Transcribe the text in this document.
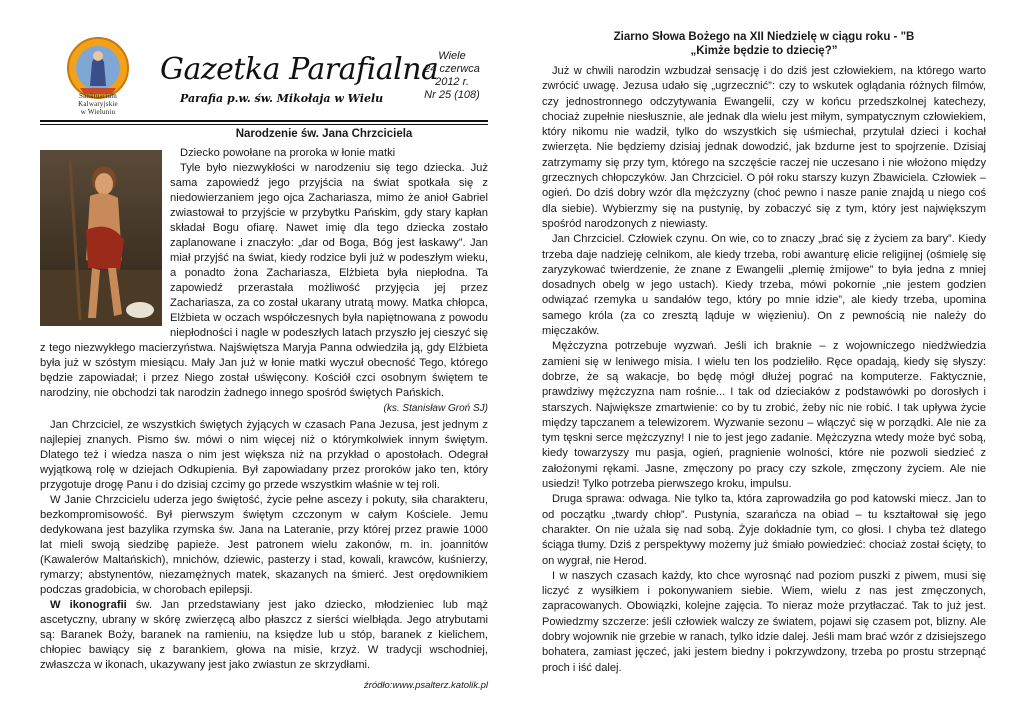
Sanktuarium
Kalwaryjskie
w Wieluniu
Gazetka Parafialna
Parafia p.w. św. Mikołaja w Wielu
Wiele
24 czerwca
2012 r.
Nr 25 (108)
Narodzenie św. Jana Chrzciciela

Dziecko powołane na proroka w łonie matki

Tyle było niezwykłości w narodzeniu się tego dziecka. Już sama zapowiedź jego przyjścia na świat spotkała się z niedowierzaniem jego ojca Zachariasza, mimo że anioł Gabriel zwiastował to przyjście w przybytku Pańskim, gdy stary kapłan składał Bogu ofiarę. Nawet imię dla tego dziecka zostało zaplanowane i znaczyło: „dar od Boga, Bóg jest łaskawy”. Jan miał przyjść na świat, kiedy rodzice byli już w podeszłym wieku, a ponadto żona Zachariasza, Elżbieta była niepłodna. Ta zapowiedź przerastała możliwość przyjęcia jej przez Zachariasza, za co został ukarany utratą mowy. Matka chłopca, Elżbieta w oczach współczesnych była napiętnowana z powodu niepłodności i nagle w podeszłych latach przyszło jej cieszyć się z tego niezwykłego macierzyństwa. Najświętsza Maryja Panna odwiedziła ją, gdy Elżbieta była już w szóstym miesiącu. Mały Jan już w łonie matki wyczuł obecność Tego, którego będzie zapowiadał; i przez Niego został uświęcony. Kościół czci osobnym świętem te narodziny, nie obchodzi tak narodzin żadnego innego spośród świętych Pańskich.

(ks. Stanisław Groń SJ)

Jan Chrzciciel, ze wszystkich świętych żyjących w czasach Pana Jezusa, jest jednym z najlepiej znanych. Pismo św. mówi o nim więcej niż o którymkolwiek innym świętym. Dlatego też i wiedza nasza o nim jest większa niż na przykład o apostołach. Odegrał wyjątkową rolę w dziejach Odkupienia. Był zapowiadany przez proroków jako ten, który przygotuje drogę Panu i do dzisiaj czcimy go przede wszystkim właśnie w tej roli.

W Janie Chrzcicielu uderza jego świętość, życie pełne ascezy i pokuty, siła charakteru, bezkompromisowość. Był pierwszym świętym czczonym w całym Kościele. Jemu dedykowana jest bazylika rzymska św. Jana na Lateranie, przy której przez prawie 1000 lat mieli swoją siedzibę papieże. Jest patronem wielu zakonów, m. in. joannitów (Kawalerów Maltańskich), mnichów, dziewic, pasterzy i stad, kowali, krawców, kuśnierzy, rymarzy; abstynentów, niezamężnych matek, skazanych na śmierć. Jest orędownikiem podczas gradobicia, w chorobach epilepsji.

W ikonografii św. Jan przedstawiany jest jako dziecko, młodzieniec lub mąż ascetyczny, ubrany w skórę zwierzęcą albo płaszcz z sierści wielbłąda. Jego atrybutami są: Baranek Boży, baranek na ramieniu, na księdze lub u stóp, baranek z kielichem, chłopiec bawiący się z barankiem, głowa na misie, krzyż. W tradycji wschodniej, zwłaszcza w ikonach, ukazywany jest jako zwiastun ze skrzydłami.

źródło:www.psalterz.katolik.pl
Ziarno Słowa Bożego na XII Niedzielę w ciągu roku - "B
„Kimże będzie to dziecię?”

Już w chwili narodzin wzbudzał sensację i do dziś jest człowiekiem, na którego warto zwrócić uwagę. Jezusa udało się „ugrzecznić”: czy to wskutek oglądania różnych filmów, czy jednostronnego odczytywania Ewangelii, czy w końcu przedszkolnej katechezy, chociaż zupełnie niesłusznie, ale jednak dla wielu jest miłym, sympatycznym człowiekiem, który nikomu nie wadził, tylko do wszystkich się uśmiechał, przytulał dzieci i kochał zwierzęta. Nie będziemy dzisiaj jednak dowodzić, jak bzdurne jest to spojrzenie. Dzisiaj zatrzymamy się przy tym, którego na szczęście raczej nie uczesano i nie włożono między grzecznych chłopczyków. Jan Chrzciciel. O pół roku starszy kuzyn Zbawiciela. Człowiek – ogień. Do dziś dobry wzór dla mężczyzny (choć pewno i nasze panie znajdą u niego coś dla siebie). Wybierzmy się na pustynię, by zobaczyć się z tym, który jest największym spośród narodzonych z niewiasty.

Jan Chrzciciel. Człowiek czynu. On wie, co to znaczy „brać się z życiem za bary”. Kiedy trzeba daje nadzieję celnikom, ale kiedy trzeba, robi awanturę elicie religijnej (ośmielę się zaryzykować twierdzenie, że znane z Ewangelii „plemię żmijowe” to była jedna z mniej dosadnych obelg w jego ustach). Kiedy trzeba, mówi pokornie „nie jestem godzien odwiązać rzemyka u sandałów tego, który po mnie idzie”, ale kiedy trzeba, upomina samego króla (za co zresztą ląduje w więzieniu). On z pewnością nie należy do mięczaków.

Mężczyzna potrzebuje wyzwań. Jeśli ich braknie – z wojowniczego niedźwiedzia zamieni się w leniwego misia. I wielu ten los podzieliło. Ręce opadają, kiedy się słyszy: dobrze, że są wakacje, bo będę mógł dłużej pograć na komputerze. Faktycznie, prawdziwy mężczyzna nam rośnie... I tak od dzieciaków z podstawówki po dorosłych i starszych. Największe zmartwienie: co by tu zrobić, żeby nic nie robić. I tak upływa życie między tapczanem a telewizorem. Wyzwanie sezonu – włączyć się w porządki. Ale nie za tym tęskni serce mężczyzny! I nie to jest jego zadanie. Mężczyzna wtedy może być sobą, kiedy towarzyszy mu pasja, ogień, pragnienie wolności, które nie pozwoli siedzieć z założonymi rękami. Jasne, zmęczony po pracy czy szkole, zmęczony życiem. Ale nie usiedzi! Tylko potrzeba pierwszego kroku, impulsu.

Druga sprawa: odwaga. Nie tylko ta, która zaprowadziła go pod katowski miecz. Jan to od początku „twardy chłop”. Pustynia, szarańcza na obiad – tu kształtował się jego charakter. On nie użala się nad sobą. Żyje dokładnie tym, co głosi. I chyba też dlatego ściąga tłumy. Dziś z perspektywy możemy już śmiało powiedzieć: chociaż został ścięty, to on wygrał, nie Herod.

I w naszych czasach każdy, kto chce wyrosnąć nad poziom puszki z piwem, musi się liczyć z wysiłkiem i pokonywaniem siebie. Wiem, wielu z nas jest zmęczonych, zapracowanych. Obowiązki, kolejne zajęcia. To nieraz może przytłaczać. Tak to już jest. Powiedzmy szczerze: jeśli człowiek walczy ze światem, pojawi się czasem pot, blizny. Ale dobry wojownik nie grzebie w ranach, tylko idzie dalej. Jeśli mam brać wzór z dzisiejszego bohatera, zamiast jęczeć, jaki jestem biedny i pokrzywdzony, trzeba po prostu strzepnąć proch i iść dalej.
